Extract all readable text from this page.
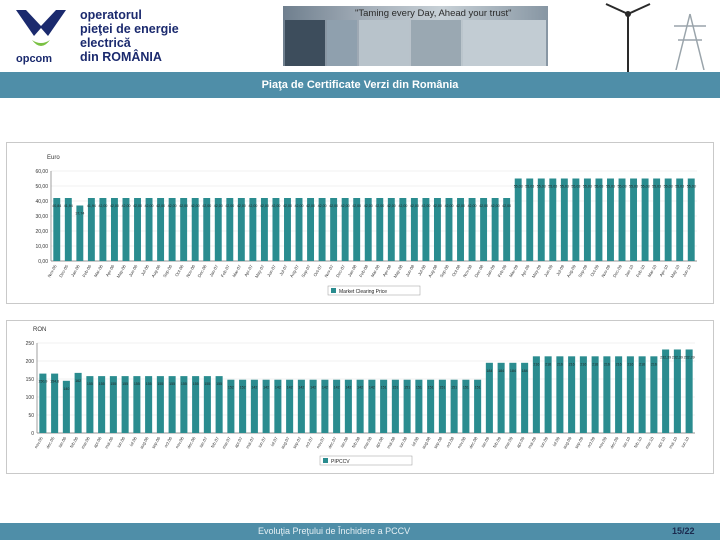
opcom
operatorul
pieţei de energie
electrică
din ROMÂNIA
"Taming every Day, Ahead your trust"
Piaţa de Certificate Verzi din România
Euro
0,00
10,00
20,00
30,00
40,00
50,00
60,00
40,84
Nov-05
41,94
Dec-05
37,74
Jan-06
41,94
Feb-06
42,00
Mar-06
42,00
Apr-06
42,00
May-06
42,00
Jun-06
42,00
Jul-06
42,00
Aug-06
42,00
Sep-06
42,00
Oct-06
42,00
Nov-06
42,00
Dec-06
42,00
Jan-07
42,00
Feb-07
42,00
Mar-07
42,00
Apr-07
42,00
May-07
42,00
Jun-07
42,00
Jul-07
42,00
Aug-07
42,00
Sep-07
42,00
Oct-07
42,00
Nov-07
42,00
Dec-07
42,00
Jan-08
42,00
Feb-08
42,00
Mar-08
42,00
Apr-08
42,00
May-08
42,00
Jun-08
42,00
Jul-08
42,00
Aug-08
42,00
Sep-08
42,00
Oct-08
42,00
Nov-08
42,00
Dec-08
42,00
Jan-09
42,00
Feb-09
55,03
Mar-09
55,03
Apr-09
55,03
May-09
55,03
Jun-09
55,03
Jul-09
55,03
Aug-09
55,03
Sep-09
55,03
Oct-09
55,03
Nov-09
55,03
Dec-09
55,03
Jan-10
55,03
Feb-10
55,03
Mar-10
55,03
Apr-10
55,03
May-10
55,03
Jun-10
Market Clearing Price
RON
0
50
100
150
200
250
150,9
nov.05
154,6
dec.05
140
ian.06
162
feb.06
155
mar.06
155
apr.06
155
mai.06
155
iun.06
155
iul.06
155
aug.06
155
sep.06
155
oct.06
155
nov.06
155
dec.06
155
ian.07
155
feb.07
152
mar.07
152
apr.07
142
mai.07
142
iun.07
142
iul.07
142
aug.07
142
sep.07
142
oct.07
142
nov.07
142
dec.07
142
ian.08
142
feb.08
142
mar.08
151
apr.08
151
mai.08
151
iun.08
151
iul.08
151
aug.08
151
sep.08
151
oct.08
151
nov.08
151
dec.08
184
ian.09
184
feb.09
184
mar.09
184
apr.09
216
mai.09
216
iun.09
216
iul.09
216
aug.09
216
sep.09
216
oct.09
216
nov.09
216
dec.09
216
ian.10
216
feb.10
216
mar.10
232,39
apr.10
232,39
mai.10
232,39
iun.10
PIPCCV
Evoluţia Preţului de Închidere a PCCV	15/22
